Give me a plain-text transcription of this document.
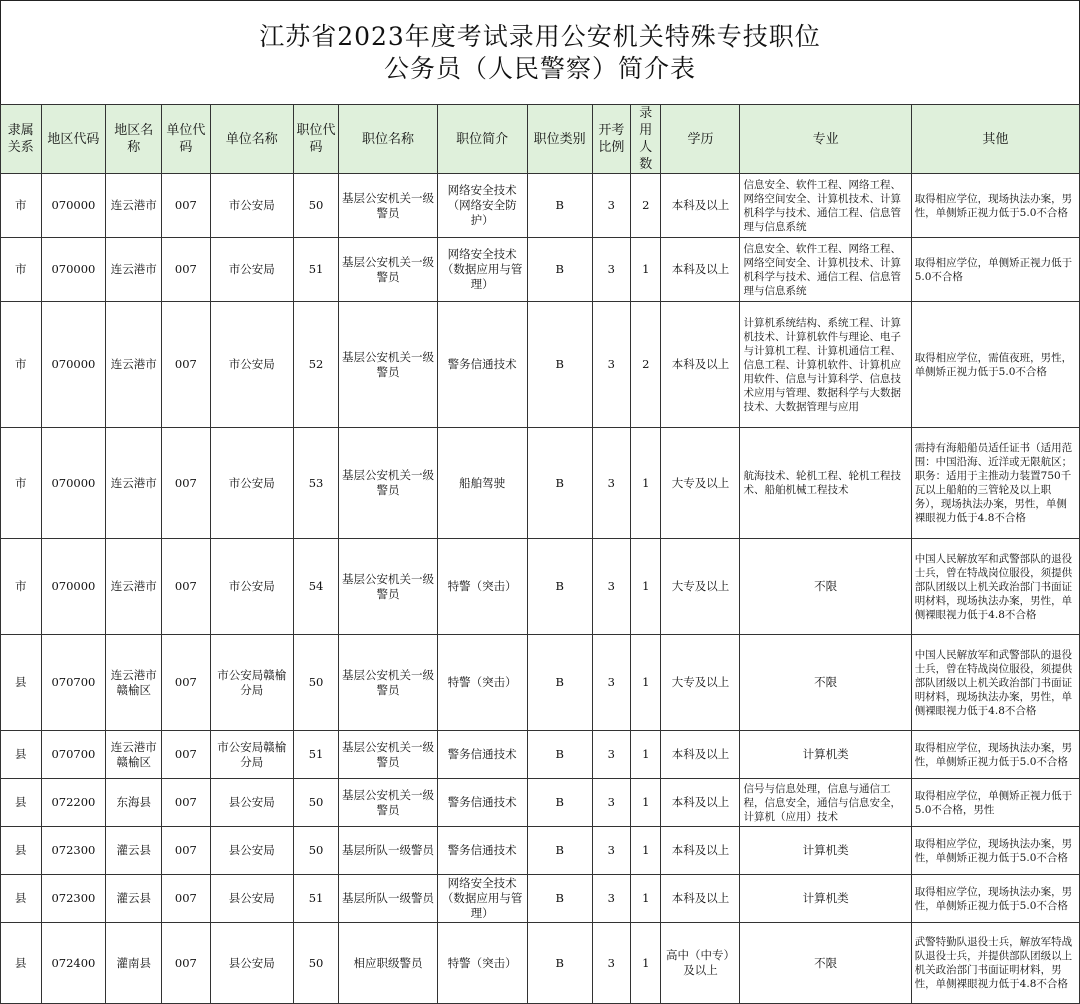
江苏省2023年度考试录用公安机关特殊专技职位
公务员（人民警察）简介表
隶属关系	地区代码	地区名称	单位代码	单位名称	职位代码	职位名称	职位简介	职位类别	开考比例	录用人数	学历	专业	其他
市	070000	连云港市	007	市公安局	50	基层公安机关一级警员	网络安全技术（网络安全防护）	B	3	2	本科及以上	信息安全、软件工程、网络工程、网络空间安全、计算机技术、计算机科学与技术、通信工程、信息管理与信息系统	取得相应学位，现场执法办案，男性，单侧矫正视力低于5.0不合格
市	070000	连云港市	007	市公安局	51	基层公安机关一级警员	网络安全技术（数据应用与管理）	B	3	1	本科及以上	信息安全、软件工程、网络工程、网络空间安全、计算机技术、计算机科学与技术、通信工程、信息管理与信息系统	取得相应学位，单侧矫正视力低于5.0不合格
市	070000	连云港市	007	市公安局	52	基层公安机关一级警员	警务信通技术	B	3	2	本科及以上	计算机系统结构、系统工程、计算机技术、计算机软件与理论、电子与计算机工程、计算机通信工程、信息工程、计算机软件、计算机应用软件、信息与计算科学、信息技术应用与管理、数据科学与大数据技术、大数据管理与应用	取得相应学位，需值夜班，男性，单侧矫正视力低于5.0不合格
市	070000	连云港市	007	市公安局	53	基层公安机关一级警员	船舶驾驶	B	3	1	大专及以上	航海技术、轮机工程、轮机工程技术、船舶机械工程技术	需持有海船船员适任证书（适用范围：中国沿海、近洋或无限航区；职务：适用于主推动力装置750千瓦以上船舶的三管轮及以上职务），现场执法办案，男性，单侧裸眼视力低于4.8不合格
市	070000	连云港市	007	市公安局	54	基层公安机关一级警员	特警（突击）	B	3	1	大专及以上	不限	中国人民解放军和武警部队的退役士兵，曾在特战岗位服役，须提供部队团级以上机关政治部门书面证明材料，现场执法办案，男性，单侧裸眼视力低于4.8不合格
县	070700	连云港市赣榆区	007	市公安局赣榆分局	50	基层公安机关一级警员	特警（突击）	B	3	1	大专及以上	不限	中国人民解放军和武警部队的退役士兵，曾在特战岗位服役，须提供部队团级以上机关政治部门书面证明材料，现场执法办案，男性，单侧裸眼视力低于4.8不合格
县	070700	连云港市赣榆区	007	市公安局赣榆分局	51	基层公安机关一级警员	警务信通技术	B	3	1	本科及以上	计算机类	取得相应学位，现场执法办案，男性，单侧矫正视力低于5.0不合格
县	072200	东海县	007	县公安局	50	基层公安机关一级警员	警务信通技术	B	3	1	本科及以上	信号与信息处理，信息与通信工程，信息安全，通信与信息安全，计算机（应用）技术	取得相应学位，单侧矫正视力低于5.0不合格，男性
县	072300	灌云县	007	县公安局	50	基层所队一级警员	警务信通技术	B	3	1	本科及以上	计算机类	取得相应学位，现场执法办案，男性，单侧矫正视力低于5.0不合格
县	072300	灌云县	007	县公安局	51	基层所队一级警员	网络安全技术（数据应用与管理）	B	3	1	本科及以上	计算机类	取得相应学位，现场执法办案，男性，单侧矫正视力低于5.0不合格
县	072400	灌南县	007	县公安局	50	相应职级警员	特警（突击）	B	3	1	高中（中专）及以上	不限	武警特勤队退役士兵，解放军特战队退役士兵，并提供部队团级以上机关政治部门书面证明材料，男性，单侧裸眼视力低于4.8不合格
